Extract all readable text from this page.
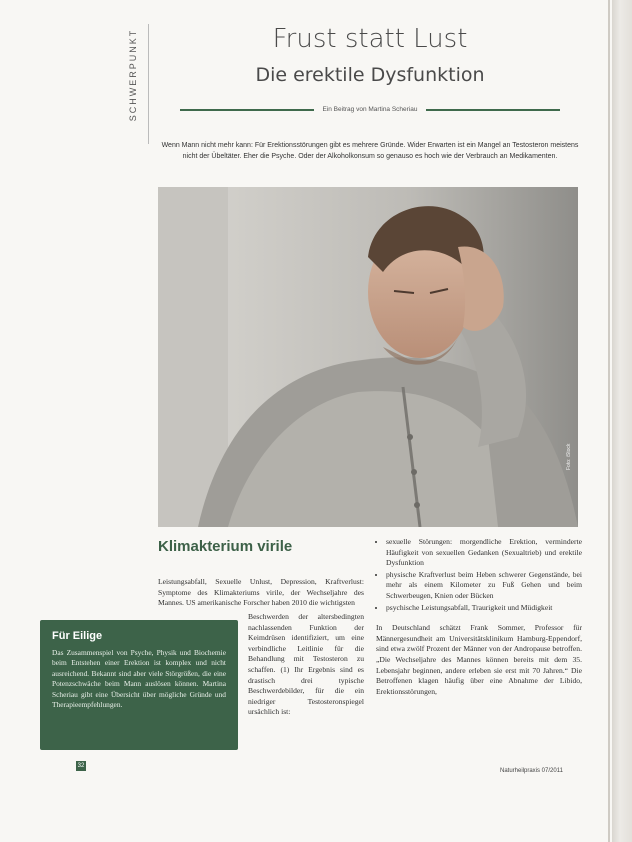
SCHWERPUNKT	Frust statt Lust
Die erektile Dysfunktion
Ein Beitrag von Martina Scheriau
Wenn Mann nicht mehr kann: Für Erektionsstörungen gibt es mehrere Gründe. Wider Erwarten ist ein Mangel an Testosteron meistens nicht der Übeltäter. Eher die Psyche. Oder der Alkoholkonsum so genauso es hoch wie der Verbrauch an Medikamenten.
Foto: iStock
Klimakterium virile
Leistungsabfall, Sexuelle Unlust, Depression, Kraftverlust: Symptome des Klimakteriums virile, der Wechseljahre des Mannes. US amerikanische Forscher haben 2010 die wichtigsten
Beschwerden der altersbedingten nachlassenden Funktion der Keimdrüsen identifiziert, um eine verbindliche Leitlinie für die Behandlung mit Testosteron zu schaffen. (1) Ihr Ergebnis sind es drastisch drei typische Beschwerdebilder, für die ein niedriger Testosteronspiegel ursächlich ist:
• sexuelle Störungen: morgendliche Erektion, verminderte Häufigkeit von sexuellen Gedanken (Sexualtrieb) und erektile Dysfunktion
• physische Kraftverlust beim Heben schwerer Gegenstände, bei mehr als einem Kilometer zu Fuß Gehen und beim Schwerbeugen, Knien oder Bücken
• psychische Leistungsabfall, Traurigkeit und Müdigkeit

In Deutschland schätzt Frank Sommer, Professor für Männergesundheit am Universitätsklinikum Hamburg-Eppendorf, sind etwa zwölf Prozent der Männer von der Andropause betroffen. „Die Wechseljahre des Mannes können bereits mit dem 35. Lebensjahr beginnen, andere erleben sie erst mit 70 Jahren.“ Die Betroffenen klagen häufig über eine Abnahme der Libido, Erektionsstörungen,

Für Eilige
Das Zusammenspiel von Psyche, Physik und Biochemie beim Entstehen einer Erektion ist komplex und nicht ausreichend. Bekannt sind aber viele Störgrößen, die eine Potenzschwäche beim Mann auslösen können. Martina Scheriau gibt eine Übersicht über mögliche Gründe und Therapieempfehlungen.
32
Naturheilpraxis 07/2011
